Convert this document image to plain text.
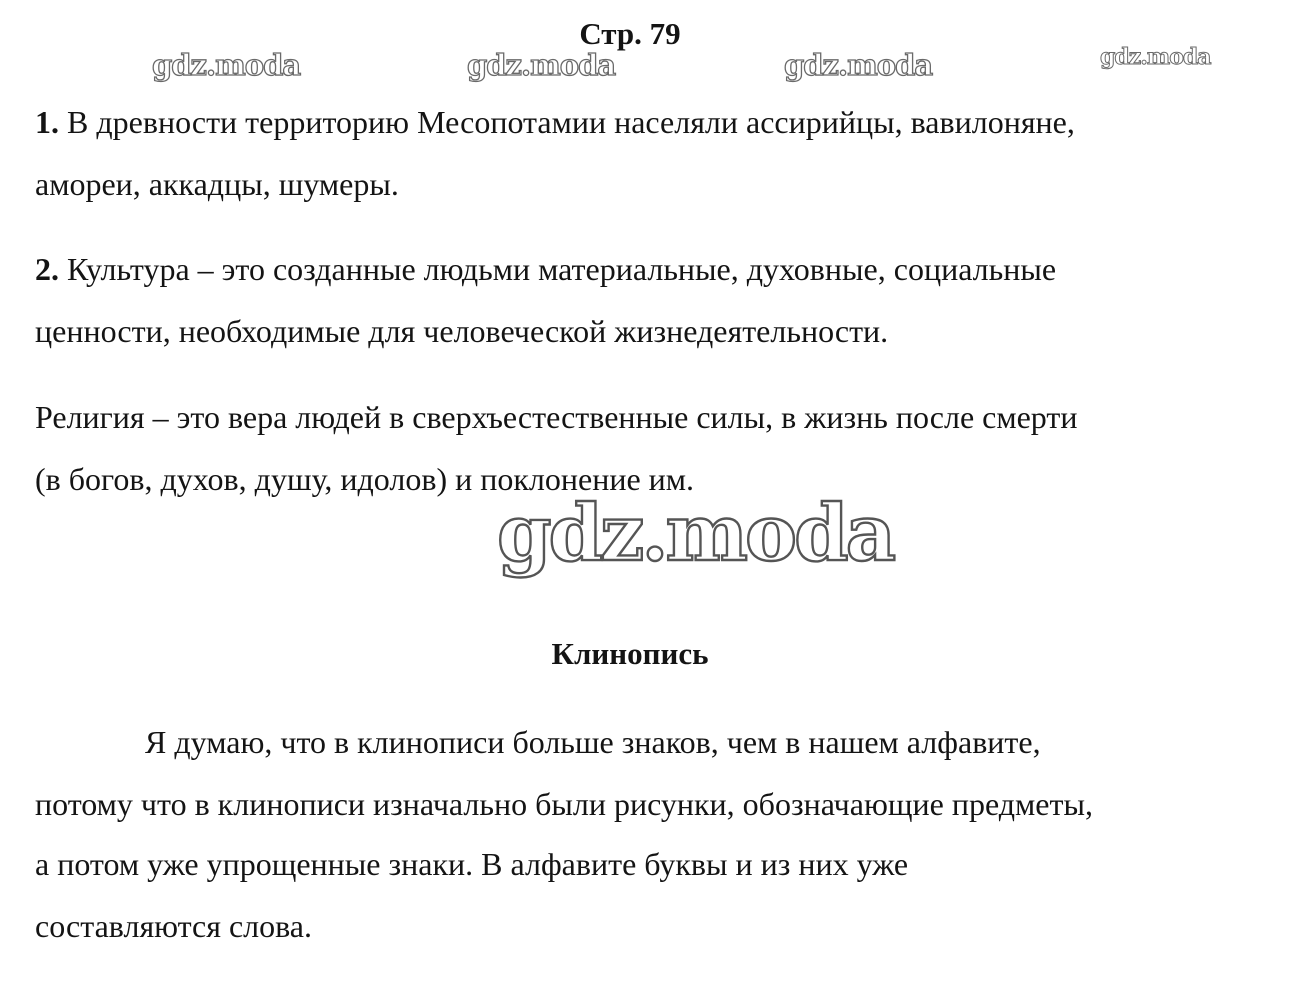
Стр. 79
gdz.moda	gdz.moda	gdz.moda	gdz.moda
1. В древности территорию Месопотамии населяли ассирийцы, вавилоняне,
амореи, аккадцы, шумеры.
2. Культура – это созданные людьми материальные, духовные, социальные
ценности, необходимые для человеческой жизнедеятельности.
Религия – это вера людей в сверхъестественные силы, в жизнь после смерти
(в богов, духов, душу, идолов) и поклонение им.
gdz.moda
Клинопись
Я думаю, что в клинописи больше знаков, чем в нашем алфавите,
потому что в клинописи изначально были рисунки, обозначающие предметы,
а потом уже упрощенные знаки. В алфавите буквы и из них уже
составляются слова.
